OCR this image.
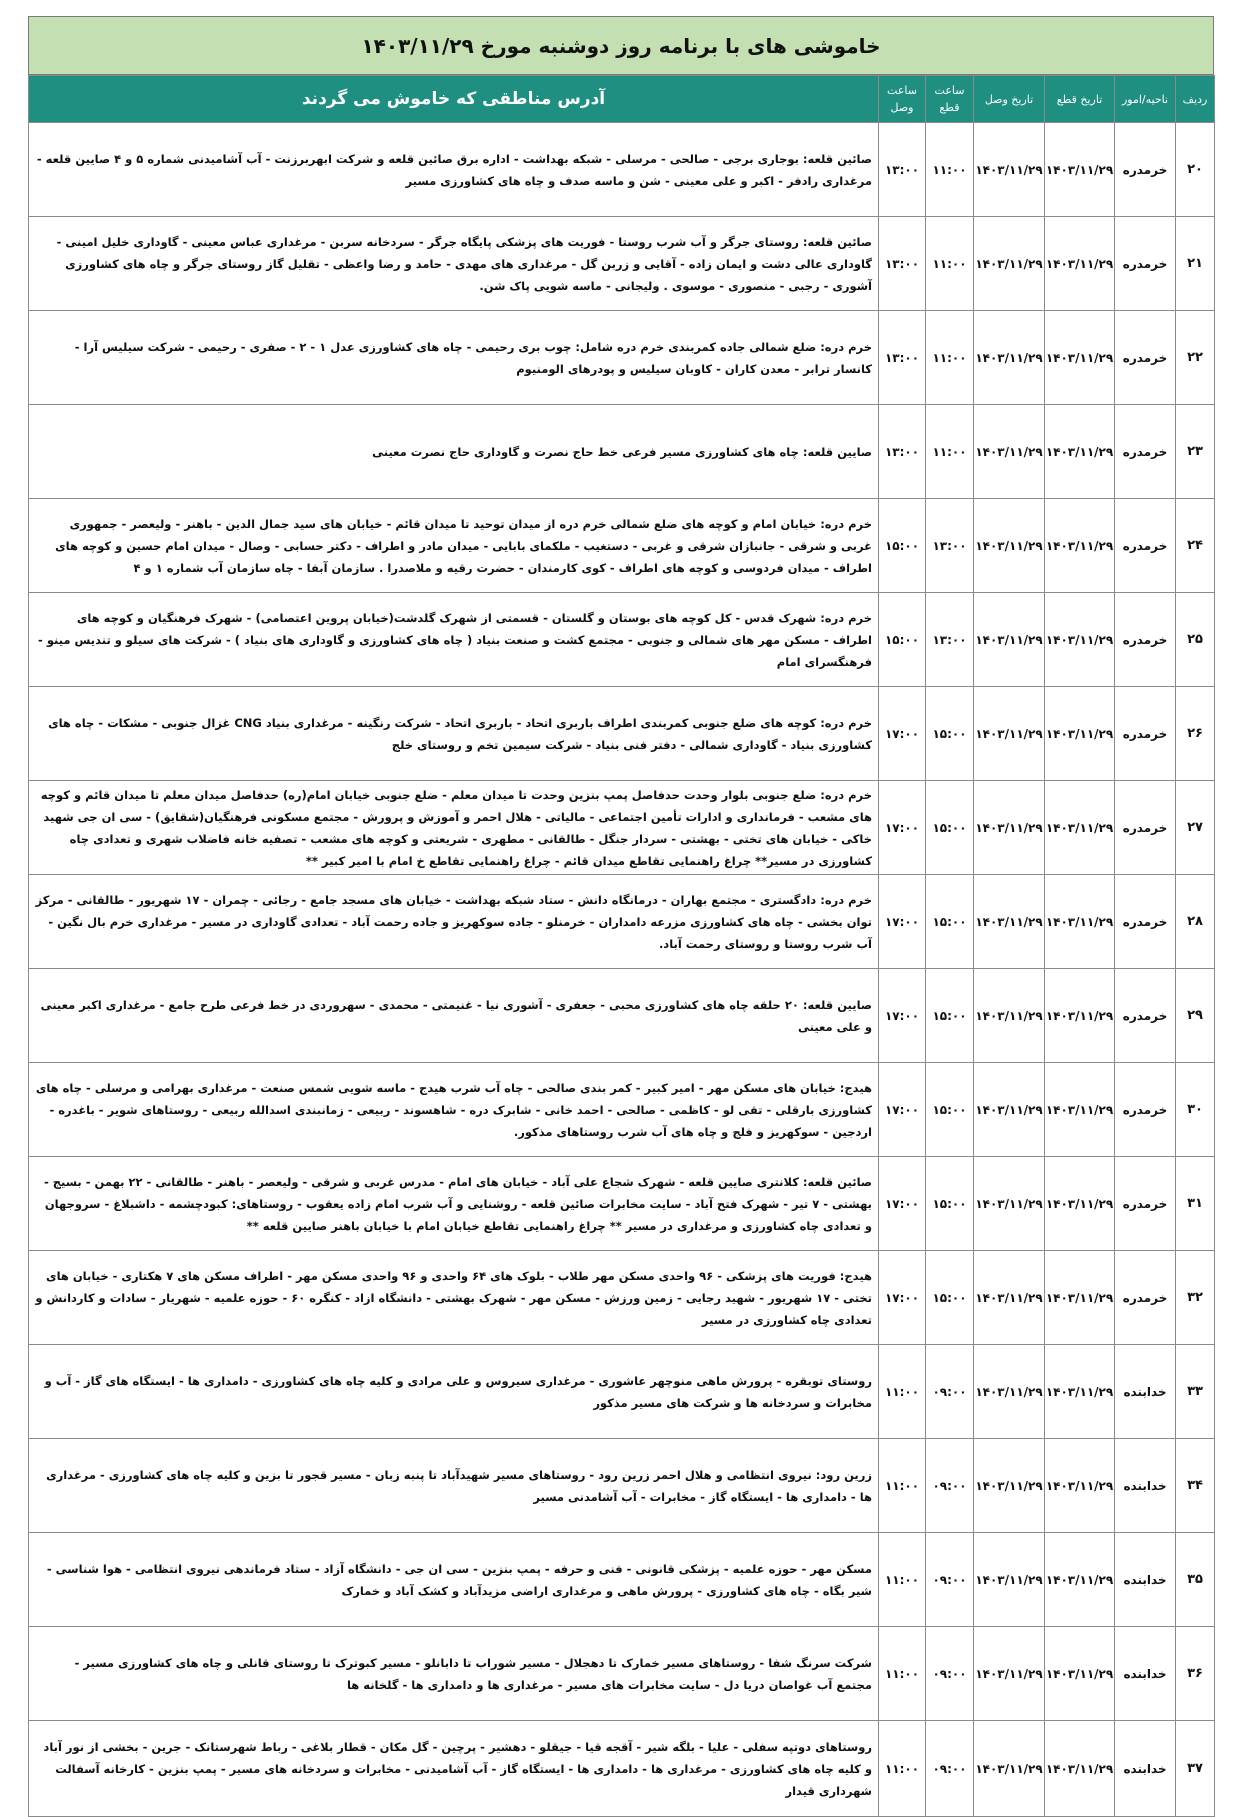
خاموشی های با برنامه روز دوشنبه مورخ ۱۴۰۳/۱۱/۲۹
ردیف	ناحیه/امور	تاریخ قطع	تاریخ وصل	ساعت قطع	ساعت وصل	آدرس مناطقی که خاموش می گردند
۲۰	خرمدره	۱۴۰۳/۱۱/۲۹	۱۴۰۳/۱۱/۲۹	۱۱:۰۰	۱۳:۰۰	صائین قلعه: بوجاری برجی - صالحی - مرسلی - شبکه بهداشت - اداره برق صائین قلعه و شرکت ابهربرزنت - آب آشامیدنی شماره ۵ و ۴ صایین قلعه - مرغداری رادفر - اکبر و علی معینی - شن و ماسه صدف و چاه های کشاورزی مسیر
۲۱	خرمدره	۱۴۰۳/۱۱/۲۹	۱۴۰۳/۱۱/۲۹	۱۱:۰۰	۱۳:۰۰	صائین قلعه: روستای جرگر و آب شرب روستا - فوریت های پزشکی پایگاه جرگر - سردخانه سربن - مرغداری عباس معینی - گاوداری خلیل امینی - گاوداری عالی دشت و ایمان زاده - آقایی و زربن گل - مرغداری های مهدی - حامد و رضا واعظی - تقلیل گاز روستای جرگر و چاه های کشاورزی آشوری - رجبی - منصوری - موسوی . ولیجانی - ماسه شویی پاک شن.
۲۲	خرمدره	۱۴۰۳/۱۱/۲۹	۱۴۰۳/۱۱/۲۹	۱۱:۰۰	۱۳:۰۰	خرم دره: ضلع شمالی جاده کمربندی خرم دره شامل: چوب بری رحیمی - چاه های کشاورزی عدل ۱ - ۲ - صفری - رحیمی - شرکت سیلیس آرا - کانسار ترابر - معدن کاران - کاوبان سیلیس و پودرهای الومنیوم
۲۳	خرمدره	۱۴۰۳/۱۱/۲۹	۱۴۰۳/۱۱/۲۹	۱۱:۰۰	۱۳:۰۰	صایین قلعه: چاه های کشاورزی مسیر فرعی خط حاج نصرت و گاوداری حاج نصرت معینی
۲۴	خرمدره	۱۴۰۳/۱۱/۲۹	۱۴۰۳/۱۱/۲۹	۱۳:۰۰	۱۵:۰۰	خرم دره: خیابان امام و کوچه های ضلع شمالی خرم دره از میدان توحید تا میدان قائم - خیابان های سید جمال الدین - باهنر - ولیعصر - جمهوری غربی و شرقی - جانبازان شرقی و غربی - دستغیب - ملکمای بابایی - میدان مادر و اطراف - دکتر حسابی - وصال - میدان امام حسین و کوچه های اطراف - میدان فردوسی و کوچه های اطراف - کوی کارمندان - حضرت رقیه و ملاصدرا . سازمان آبفا - چاه سازمان آب شماره ۱ و ۴
۲۵	خرمدره	۱۴۰۳/۱۱/۲۹	۱۴۰۳/۱۱/۲۹	۱۳:۰۰	۱۵:۰۰	خرم دره: شهرک قدس - کل کوچه های بوستان و گلستان - قسمتی از شهرک گلدشت(خیابان پروین اعتصامی) - شهرک فرهنگیان و کوچه های اطراف - مسکن مهر های شمالی و جنوبی - مجتمع کشت و صنعت بنیاد ( چاه های کشاورزی و گاوداری های بنیاد ) - شرکت های سیلو و تندیس مینو - فرهنگسرای امام
۲۶	خرمدره	۱۴۰۳/۱۱/۲۹	۱۴۰۳/۱۱/۲۹	۱۵:۰۰	۱۷:۰۰	خرم دره: کوچه های ضلع جنوبی کمربندی اطراف باربری اتحاد - باربری اتحاد - شرکت رنگینه - مرغداری بنیاد CNG غزال جنوبی - مشکات - چاه های کشاورزی بنیاد - گاوداری شمالی - دفتر فنی بنیاد - شرکت سیمین تخم و روستای خلج
۲۷	خرمدره	۱۴۰۳/۱۱/۲۹	۱۴۰۳/۱۱/۲۹	۱۵:۰۰	۱۷:۰۰	خرم دره: ضلع جنوبی بلوار وحدت حدفاصل پمپ بنزین وحدت تا میدان معلم - ضلع جنوبی خیابان امام(ره) حدفاصل میدان معلم تا میدان قائم و کوچه های مشعب - فرمانداری و ادارات تأمین اجتماعی - مالیاتی - هلال احمر و آموزش و پرورش - مجتمع مسکونی فرهنگیان(شقایق) - سی ان جی شهید خاکی - خیابان های تختی - بهشتی - سردار جنگل - طالقانی - مطهری - شریعتی و کوچه های مشعب - تصفیه خانه فاضلاب شهری و تعدادی چاه کشاورزی در مسیر** چراغ راهنمایی تقاطع میدان قائم - چراغ راهنمایی تقاطع خ امام با امیر کبیر **
۲۸	خرمدره	۱۴۰۳/۱۱/۲۹	۱۴۰۳/۱۱/۲۹	۱۵:۰۰	۱۷:۰۰	خرم دره: دادگستری - مجتمع بهاران - درمانگاه دانش - ستاد شبکه بهداشت - خیابان های مسجد جامع - رجائی - چمران - ۱۷ شهریور - طالقانی - مرکز توان بخشی - چاه های کشاورزی مزرعه دامداران - خرمنلو - جاده سوکهریز و جاده رحمت آباد - تعدادی گاوداری در مسیر - مرغداری خرم بال نگین - آب شرب روستا و روستای رحمت آباد.
۲۹	خرمدره	۱۴۰۳/۱۱/۲۹	۱۴۰۳/۱۱/۲۹	۱۵:۰۰	۱۷:۰۰	صایین قلعه: ۲۰ حلقه چاه های کشاورزی محبی - جعفری - آشوری نیا - غنیمتی - محمدی - سهروردی در خط فرعی طرح جامع - مرغداری اکبر معینی و علی معینی
۳۰	خرمدره	۱۴۰۳/۱۱/۲۹	۱۴۰۳/۱۱/۲۹	۱۵:۰۰	۱۷:۰۰	هیدج: خیابان های مسکن مهر - امیر کبیر - کمر بندی صالحی - چاه آب شرب هیدج - ماسه شویی شمس صنعت - مرغداری بهرامی و مرسلی - چاه های کشاورزی بارقلی - تقی لو - کاظمی - صالحی - احمد خانی - شابرک دره - شاهسوند - ربیعی - زمانبندی اسدالله ربیعی - روستاهای شویر - باغدره - اردجین - سوکهریز و فلج و چاه های آب شرب روستاهای مذکور.
۳۱	خرمدره	۱۴۰۳/۱۱/۲۹	۱۴۰۳/۱۱/۲۹	۱۵:۰۰	۱۷:۰۰	صائین قلعه: کلانتری صایین قلعه - شهرک شجاع علی آباد - خیابان های امام - مدرس غربی و شرقی - ولیعصر - باهنر - طالقانی - ۲۲ بهمن - بسیج - بهشتی - ۷ تیر - شهرک فتح آباد - سایت مخابرات صائین قلعه - روشنایی و آب شرب امام زاده یعقوب - روستاهای: کبودچشمه - داشبلاغ - سروجهان و تعدادی چاه کشاورزی و مرغداری در مسیر ** چراغ راهنمایی تقاطع خیابان امام با خیابان باهنر صایین قلعه **
۳۲	خرمدره	۱۴۰۳/۱۱/۲۹	۱۴۰۳/۱۱/۲۹	۱۵:۰۰	۱۷:۰۰	هیدج: فوریت های پزشکی - ۹۶ واحدی مسکن مهر طلاب - بلوک های ۶۴ واحدی و ۹۶ واحدی مسکن مهر - اطراف مسکن های ۷ هکتاری - خیابان های تختی - ۱۷ شهریور - شهید رجایی - زمین ورزش - مسکن مهر - شهرک بهشتی - دانشگاه ازاد - کنگره ۶۰ - حوزه علمیه - شهریار - سادات و کاردانش و تعدادی چاه کشاورزی در مسیر
۳۳	خدابنده	۱۴۰۳/۱۱/۲۹	۱۴۰۳/۱۱/۲۹	۰۹:۰۰	۱۱:۰۰	روستای توبقره - پرورش ماهی منوچهر عاشوری - مرغداری سیروس و علی مرادی و کلیه چاه های کشاورزی - دامداری ها - ایستگاه های گاز - آب و مخابرات و سردخانه ها و شرکت های مسیر مذکور
۳۴	خدابنده	۱۴۰۳/۱۱/۲۹	۱۴۰۳/۱۱/۲۹	۰۹:۰۰	۱۱:۰۰	زرین رود: نیروی انتظامی و هلال احمر زرین رود - روستاهای مسیر شهیدآباد تا پنبه زبان - مسیر قجور تا بزین و کلیه چاه های کشاورزی - مرغداری ها - دامداری ها - ایستگاه گاز - مخابرات - آب آشامدنی مسیر
۳۵	خدابنده	۱۴۰۳/۱۱/۲۹	۱۴۰۳/۱۱/۲۹	۰۹:۰۰	۱۱:۰۰	مسکن مهر - حوزه علمیه - پزشکی قانونی - فنی و حرفه - پمپ بنزین - سی ان جی - دانشگاه آزاد - ستاد فرماندهی نیروی انتظامی - هوا شناسی - شیر بگاه - چاه های کشاورزی - پرورش ماهی و مرغداری اراضی مزیدآباد و کشک آباد و خمارک
۳۶	خدابنده	۱۴۰۳/۱۱/۲۹	۱۴۰۳/۱۱/۲۹	۰۹:۰۰	۱۱:۰۰	شرکت سرنگ شفا - روستاهای مسیر خمارک تا دهجلال - مسیر شوراب تا دابانلو - مسیر کبوترک تا روستای قانلی و چاه های کشاورزی مسیر - مجتمع آب غواصان دریا دل - سایت مخابرات های مسیر - مرغداری ها و دامداری ها - گلخانه ها
۳۷	خدابنده	۱۴۰۳/۱۱/۲۹	۱۴۰۳/۱۱/۲۹	۰۹:۰۰	۱۱:۰۰	روستاهای دوتپه سفلی - علیا - بلگه شیر - آقجه قیا - جیقلو - دهشیر - پرچین - گل مکان - قطار بلاغی - رباط شهرستانک - جرین - بخشی از نور آباد و کلیه چاه های کشاورزی - مرغداری ها - دامداری ها - ایستگاه گاز - آب آشامیدنی - مخابرات و سردخانه های مسیر - پمپ بنزین - کارخانه آسفالت شهرداری قیدار
